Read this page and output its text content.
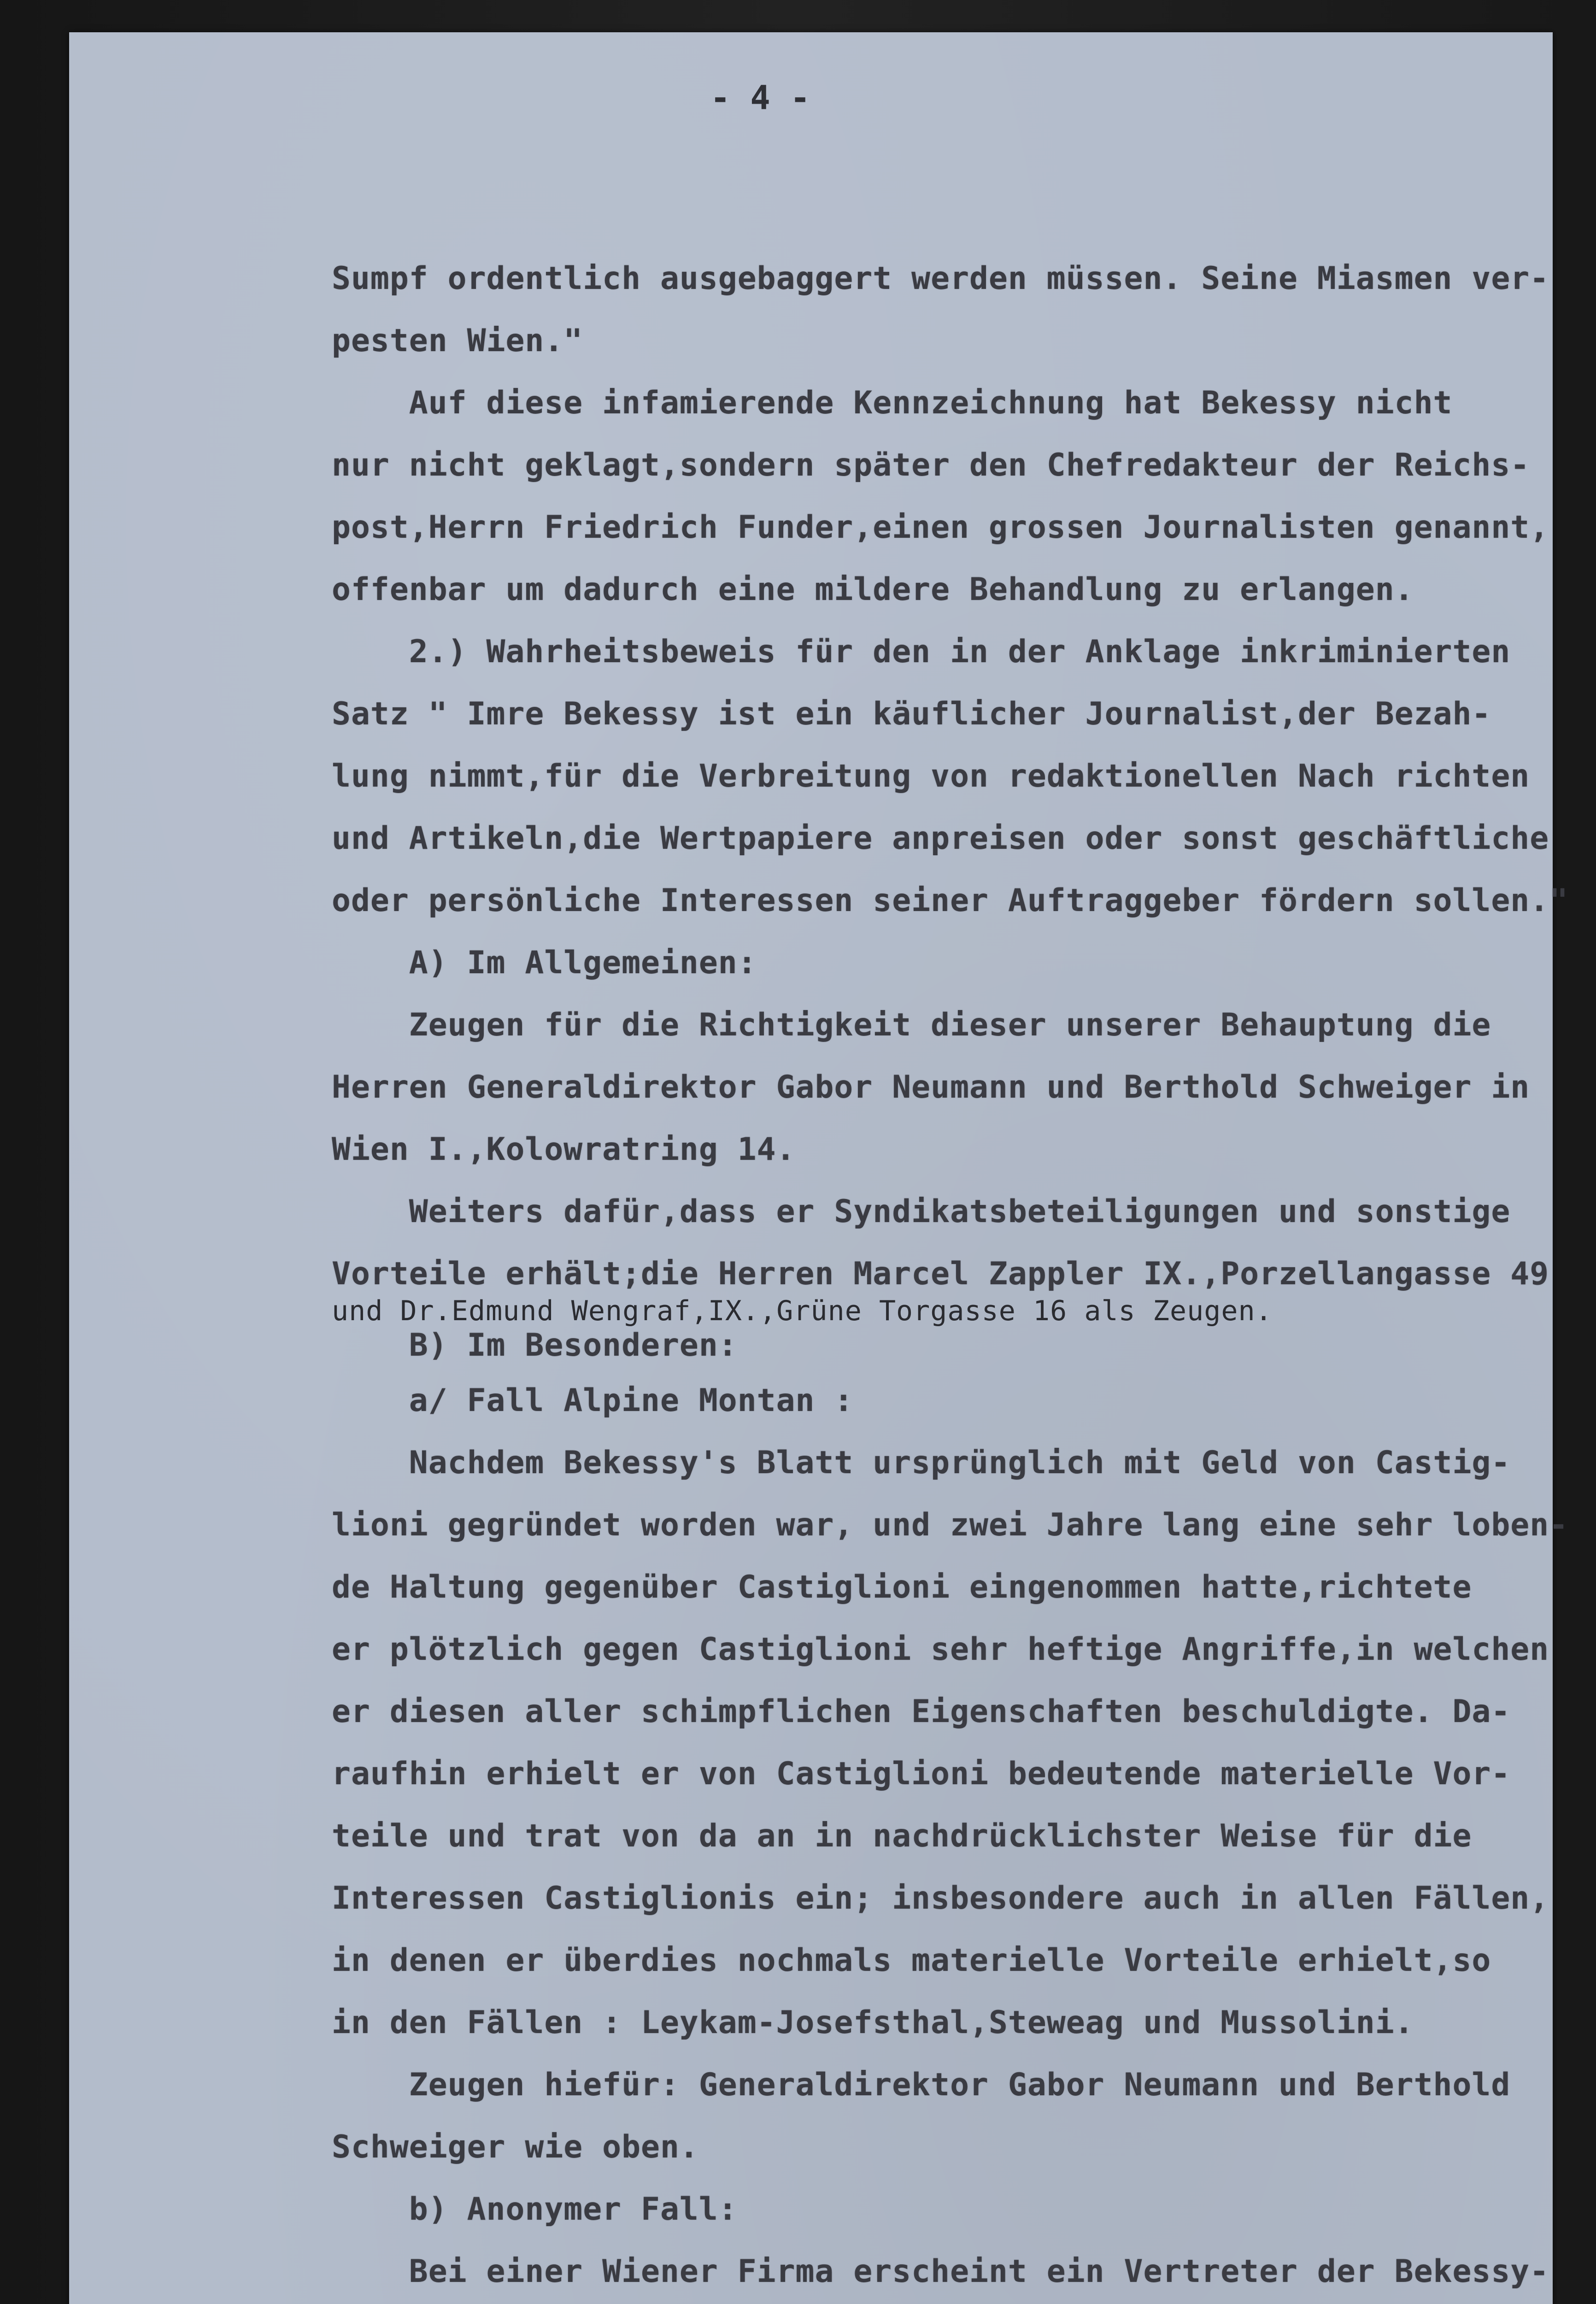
- 4 -
Sumpf ordentlich ausgebaggert werden müssen. Seine Miasmen ver-
pesten Wien."
Auf diese infamierende Kennzeichnung hat Bekessy nicht
nur nicht geklagt,sondern später den Chefredakteur der Reichs-
post,Herrn Friedrich Funder,einen grossen Journalisten genannt,
offenbar um dadurch eine mildere Behandlung zu erlangen.
2.) Wahrheitsbeweis für den in der Anklage inkriminierten
Satz " Imre Bekessy ist ein käuflicher Journalist,der Bezah-
lung nimmt,für die Verbreitung von redaktionellen Nach richten
und Artikeln,die Wertpapiere anpreisen oder sonst geschäftliche
oder persönliche Interessen seiner Auftraggeber fördern sollen."
A) Im Allgemeinen:
Zeugen für die Richtigkeit dieser unserer Behauptung die
Herren Generaldirektor Gabor Neumann und Berthold Schweiger in
Wien I.,Kolowratring 14.
Weiters dafür,dass er Syndikatsbeteiligungen und sonstige
Vorteile erhält;die Herren Marcel Zappler IX.,Porzellangasse 49
und Dr.Edmund Wengraf,IX.,Grüne Torgasse 16 als Zeugen.
B) Im Besonderen:
a/ Fall Alpine Montan :
Nachdem Bekessy's Blatt ursprünglich mit Geld von Castig-
lioni gegründet worden war, und zwei Jahre lang eine sehr loben-
de Haltung gegenüber Castiglioni eingenommen hatte,richtete
er plötzlich gegen Castiglioni sehr heftige Angriffe,in welchen
er diesen aller schimpflichen Eigenschaften beschuldigte. Da-
raufhin erhielt er von Castiglioni bedeutende materielle Vor-
teile und trat von da an in nachdrücklichster Weise für die
Interessen Castiglionis ein; insbesondere auch in allen Fällen,
in denen er überdies nochmals materielle Vorteile erhielt,so
in den Fällen : Leykam-Josefsthal,Steweag und Mussolini.
Zeugen hiefür: Generaldirektor Gabor Neumann und Berthold
Schweiger wie oben.
b) Anonymer Fall:
Bei einer Wiener Firma erscheint ein Vertreter der Bekessy-
